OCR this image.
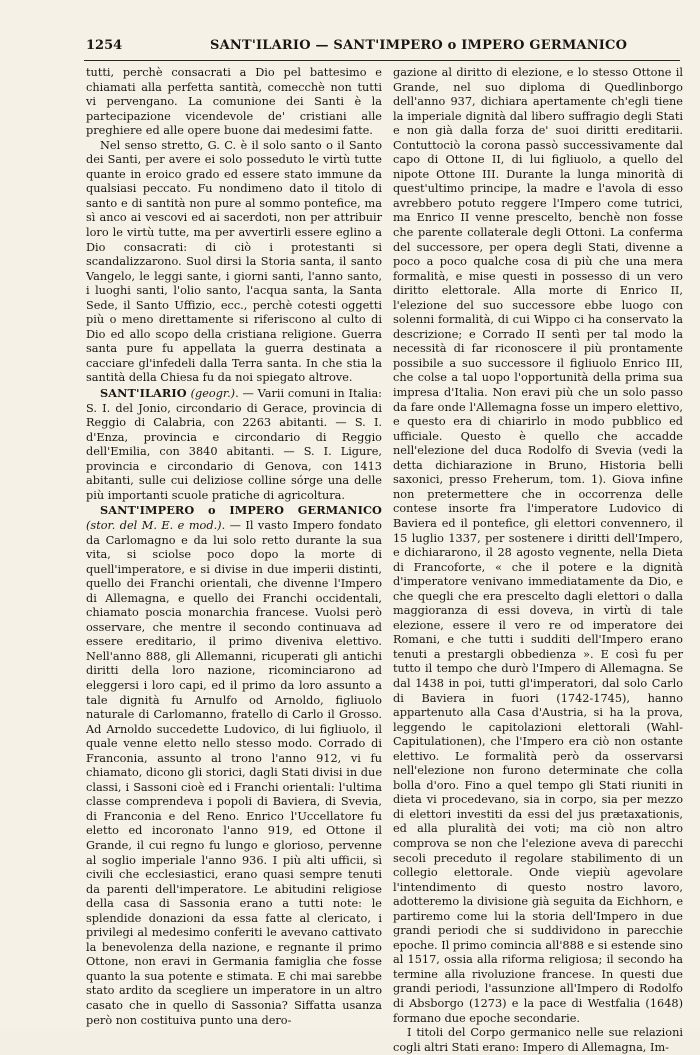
1254	SANT'ILARIO — SANT'IMPERO o IMPERO GERMANICO

tutti, perchè consacrati a Dio pel battesimo e chiamati alla perfetta santità, comecchè non tutti vi pervengano. La comunione dei Santi è la partecipazione vicendevole de' cristiani alle preghiere ed alle opere buone dai medesimi fatte.

Nel senso stretto, G. C. è il solo santo o il Santo dei Santi, per avere ei solo posseduto le virtù tutte quante in eroico grado ed essere stato immune da qualsiasi peccato. Fu nondimeno dato il titolo di santo e di santità non pure al sommo pontefice, ma sì anco ai vescovi ed ai sacerdoti, non per attribuir loro le virtù tutte, ma per avvertirli essere eglino a Dio consacrati: di ciò i protestanti si scandalizzarono. Suol dirsi la Storia santa, il santo Vangelo, le leggi sante, i giorni santi, l'anno santo, i luoghi santi, l'olio santo, l'acqua santa, la Santa Sede, il Santo Uffizio, ecc., perchè cotesti oggetti più o meno direttamente si riferiscono al culto di Dio ed allo scopo della cristiana religione. Guerra santa pure fu appellata la guerra destinata a cacciare gl'infedeli dalla Terra santa. In che stia la santità della Chiesa fu da noi spiegato altrove.

SANT'ILARIO (geogr.). — Varii comuni in Italia: S. I. del Jonio, circondario di Gerace, provincia di Reggio di Calabria, con 2263 abitanti. — S. I. d'Enza, provincia e circondario di Reggio dell'Emilia, con 3840 abitanti. — S. I. Ligure, provincia e circondario di Genova, con 1413 abitanti, sulle cui deliziose colline sórge una delle più importanti scuole pratiche di agricoltura.

SANT'IMPERO o IMPERO GERMANICO (stor. del M. E. e mod.). — Il vasto Impero fondato da Carlomagno e da lui solo retto durante la sua vita, si sciolse poco dopo la morte di quell'imperatore, e si divise in due imperii distinti, quello dei Franchi orientali, che divenne l'Impero di Allemagna, e quello dei Franchi occidentali, chiamato poscia monarchia francese. Vuolsi però osservare, che mentre il secondo continuava ad essere ereditario, il primo diveniva elettivo. Nell'anno 888, gli Allemanni, ricuperati gli antichi diritti della loro nazione, ricominciarono ad eleggersi i loro capi, ed il primo da loro assunto a tale dignità fu Arnulfo od Arnoldo, figliuolo naturale di Carlomanno, fratello di Carlo il Grosso. Ad Arnoldo succedette Ludovico, di lui figliuolo, il quale venne eletto nello stesso modo. Corrado di Franconia, assunto al trono l'anno 912, vi fu chiamato, dicono gli storici, dagli Stati divisi in due classi, i Sassoni cioè ed i Franchi orientali: l'ultima classe comprendeva i popoli di Baviera, di Svevia, di Franconia e del Reno. Enrico l'Uccellatore fu eletto ed incoronato l'anno 919, ed Ottone il Grande, il cui regno fu lungo e glorioso, pervenne al soglio imperiale l'anno 936. I più alti ufficii, sì civili che ecclesiastici, erano quasi sempre tenuti da parenti dell'imperatore. Le abitudini religiose della casa di Sassonia erano a tutti note: le splendide donazioni da essa fatte al clericato, i privilegi al medesimo conferiti le avevano cattivato la benevolenza della nazione, e regnante il primo Ottone, non eravi in Germania famiglia che fosse quanto la sua potente e stimata. E chi mai sarebbe stato ardito da scegliere un imperatore in un altro casato che in quello di Sassonia? Siffatta usanza però non costituiva punto una dero-

gazione al diritto di elezione, e lo stesso Ottone il Grande, nel suo diploma di Quedlinborgo dell'anno 937, dichiara apertamente ch'egli tiene la imperiale dignità dal libero suffragio degli Stati e non già dalla forza de' suoi diritti ereditarii. Contuttociò la corona passò successivamente dal capo di Ottone II, di lui figliuolo, a quello del nipote Ottone III. Durante la lunga minorità di quest'ultimo principe, la madre e l'avola di esso avrebbero potuto reggere l'Impero come tutrici, ma Enrico II venne prescelto, benchè non fosse che parente collaterale degli Ottoni. La conferma del successore, per opera degli Stati, divenne a poco a poco qualche cosa di più che una mera formalità, e mise questi in possesso di un vero diritto elettorale. Alla morte di Enrico II, l'elezione del suo successore ebbe luogo con solenni formalità, di cui Wippo ci ha conservato la descrizione; e Corrado II sentì per tal modo la necessità di far riconoscere il più prontamente possibile a suo successore il figliuolo Enrico III, che colse a tal uopo l'opportunità della prima sua impresa d'Italia. Non eravi più che un solo passo da fare onde l'Allemagna fosse un impero elettivo, e questo era di chiarirlo in modo pubblico ed ufficiale. Questo è quello che accadde nell'elezione del duca Rodolfo di Svevia (vedi la detta dichiarazione in Bruno, Historia belli saxonici, presso Freherum, tom. 1). Giova infine non pretermettere che in occorrenza delle contese insorte fra l'imperatore Ludovico di Baviera ed il pontefice, gli elettori convennero, il 15 luglio 1337, per sostenere i diritti dell'Impero, e dichiararono, il 28 agosto vegnente, nella Dieta di Francoforte, « che il potere e la dignità d'imperatore venivano immediatamente da Dio, e che quegli che era prescelto dagli elettori o dalla maggioranza di essi doveva, in virtù di tale elezione, essere il vero re od imperatore dei Romani, e che tutti i sudditi dell'Impero erano tenuti a prestargli obbedienza ». E così fu per tutto il tempo che durò l'Impero di Allemagna. Se dal 1438 in poi, tutti gl'imperatori, dal solo Carlo di Baviera in fuori (1742-1745), hanno appartenuto alla Casa d'Austria, si ha la prova, leggendo le capitolazioni elettorali (Wahl-Capitulationen), che l'Impero era ciò non ostante elettivo. Le formalità però da osservarsi nell'elezione non furono determinate che colla bolla d'oro. Fino a quel tempo gli Stati riuniti in dieta vi procedevano, sia in corpo, sia per mezzo di elettori investiti da essi del jus prætaxationis, ed alla pluralità dei voti; ma ciò non altro comprova se non che l'elezione aveva di parecchi secoli preceduto il regolare stabilimento di un collegio elettorale. Onde viepiù agevolare l'intendimento di questo nostro lavoro, adotteremo la divisione già seguita da Eichhorn, e partiremo come lui la storia dell'Impero in due grandi periodi che si suddividono in parecchie epoche. Il primo comincia all'888 e si estende sino al 1517, ossia alla riforma religiosa; il secondo ha termine alla rivoluzione francese. In questi due grandi periodi, l'assunzione all'Impero di Rodolfo di Absborgo (1273) e la pace di Westfalia (1648) formano due epoche secondarie.

I titoli del Corpo germanico nelle sue relazioni cogli altri Stati erano: Impero di Allemagna, Im-
